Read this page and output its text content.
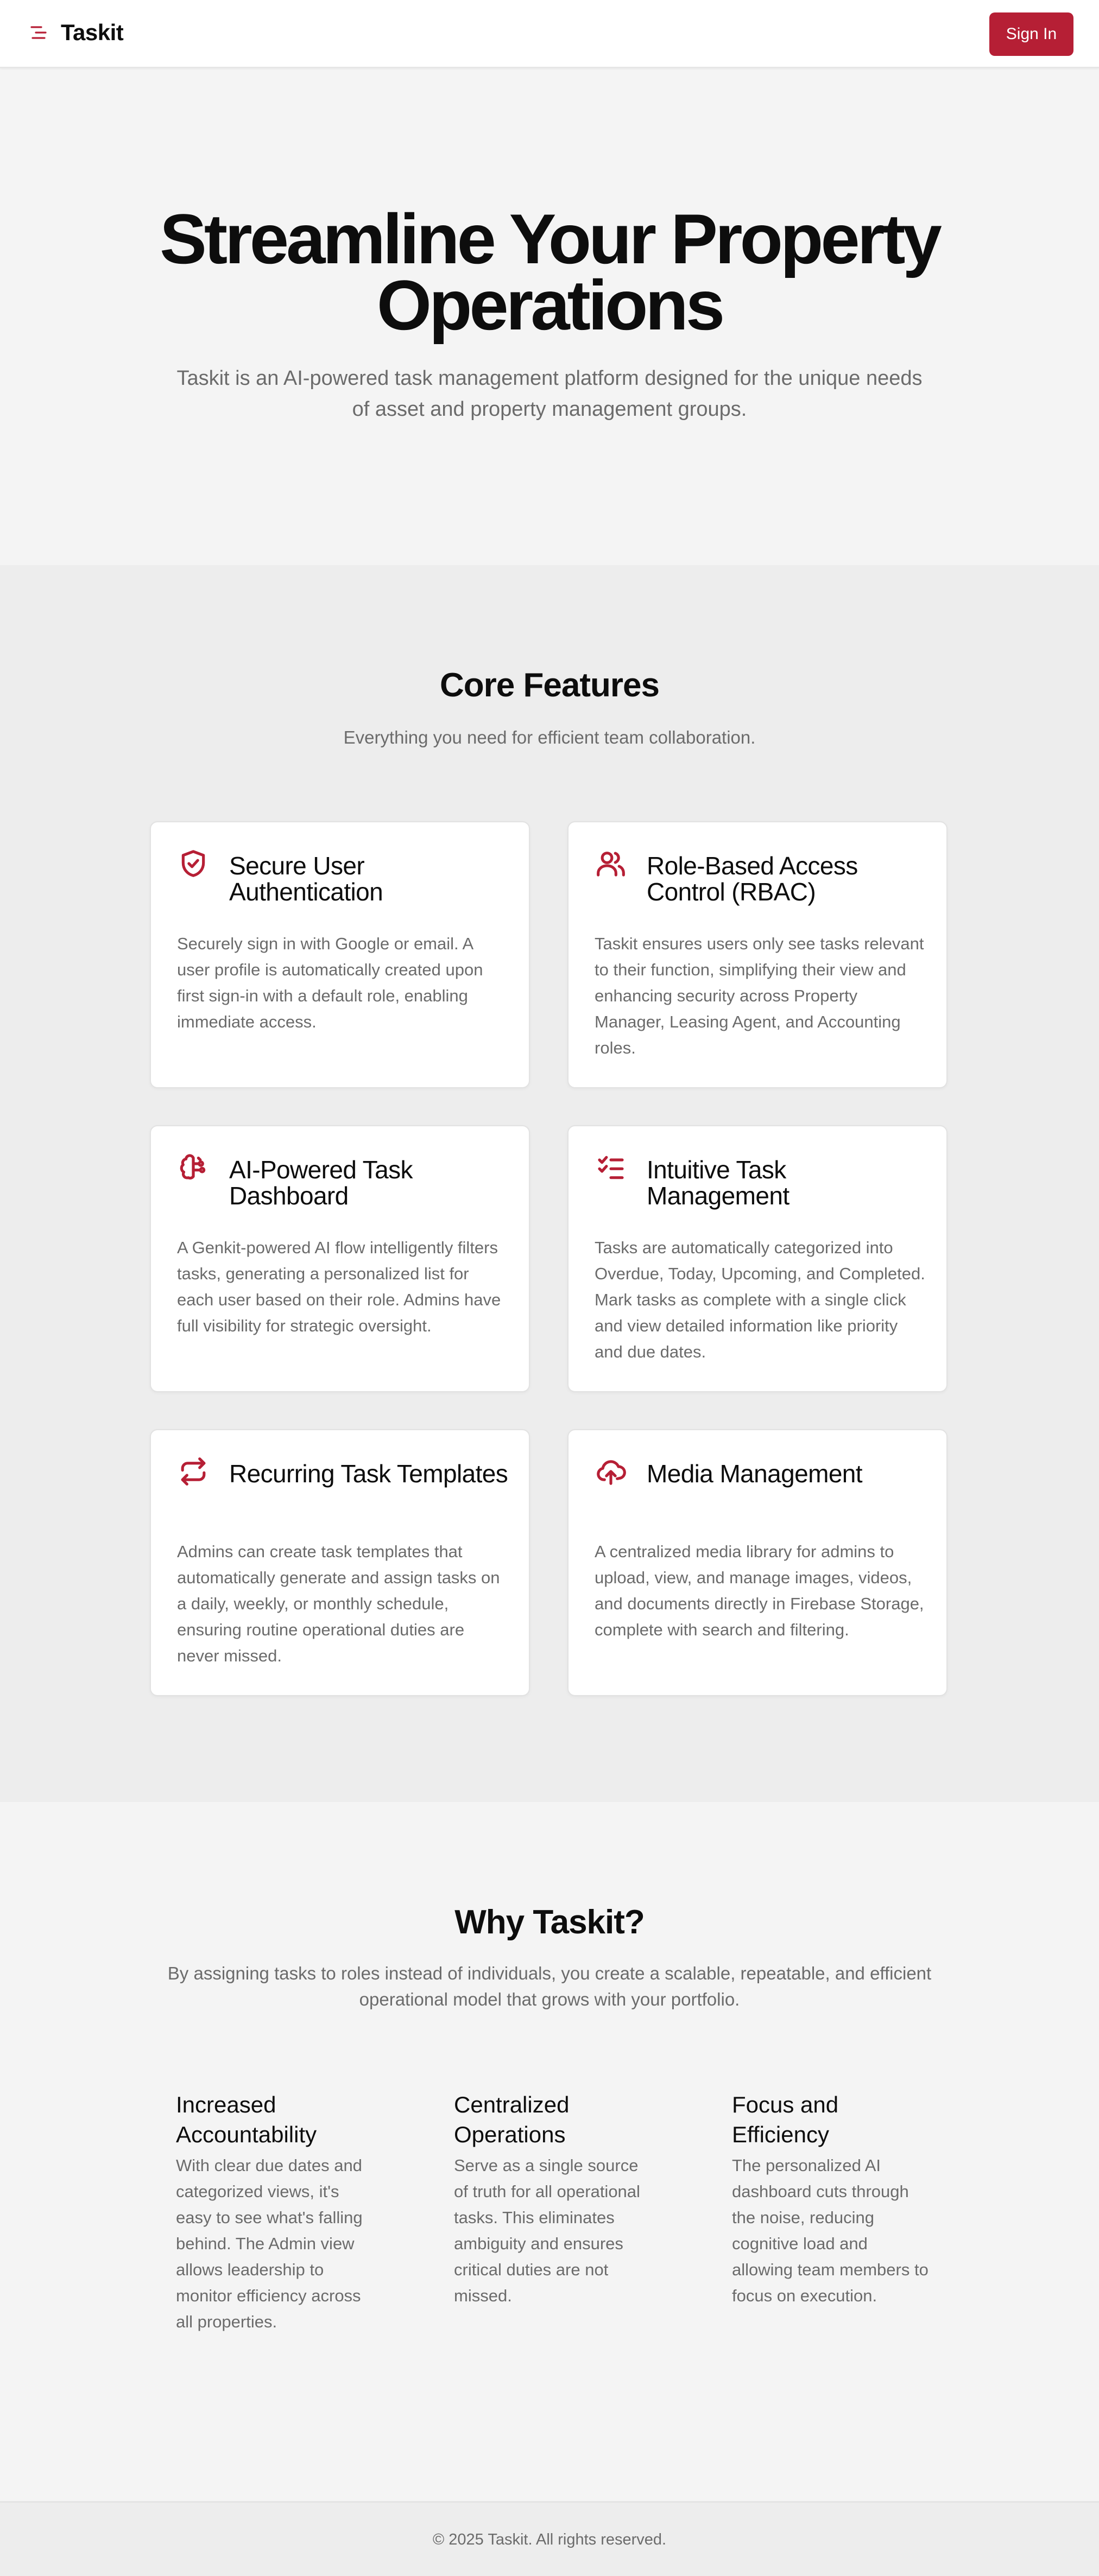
Taskit	Sign In
Streamline Your Property Operations

Taskit is an AI-powered task management platform designed for the unique needs of asset and property management groups.

Core Features

Everything you need for efficient team collaboration.

Secure User Authentication
Securely sign in with Google or email. A user profile is automatically created upon first sign-in with a default role, enabling immediate access.
Role-Based Access Control (RBAC)
Taskit ensures users only see tasks relevant to their function, simplifying their view and enhancing security across Property Manager, Leasing Agent, and Accounting roles.
AI-Powered Task Dashboard
A Genkit-powered AI flow intelligently filters tasks, generating a personalized list for each user based on their role. Admins have full visibility for strategic oversight.
Intuitive Task Management
Tasks are automatically categorized into Overdue, Today, Upcoming, and Completed. Mark tasks as complete with a single click and view detailed information like priority and due dates.
Recurring Task Templates
Admins can create task templates that automatically generate and assign tasks on a daily, weekly, or monthly schedule, ensuring routine operational duties are never missed.
Media Management
A centralized media library for admins to upload, view, and manage images, videos, and documents directly in Firebase Storage, complete with search and filtering.
Why Taskit?

By assigning tasks to roles instead of individuals, you create a scalable, repeatable, and efficient operational model that grows with your portfolio.

Increased Accountability
With clear due dates and categorized views, it's easy to see what's falling behind. The Admin view allows leadership to monitor efficiency across all properties.
Centralized Operations
Serve as a single source of truth for all operational tasks. This eliminates ambiguity and ensures critical duties are not missed.
Focus and Efficiency
The personalized AI dashboard cuts through the noise, reducing cognitive load and allowing team members to focus on execution.
© 2025 Taskit. All rights reserved.
